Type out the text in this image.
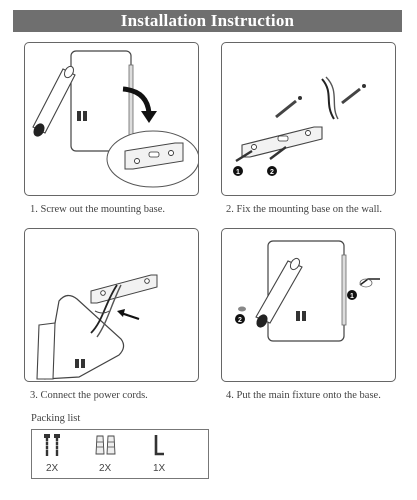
Installation Instruction
1	2
1
2
1. Screw out the mounting base.	2. Fix the mounting base on the wall.
3. Connect the power cords.	4. Put the main fixture onto the base.
Packing list
2X	2X	1X
